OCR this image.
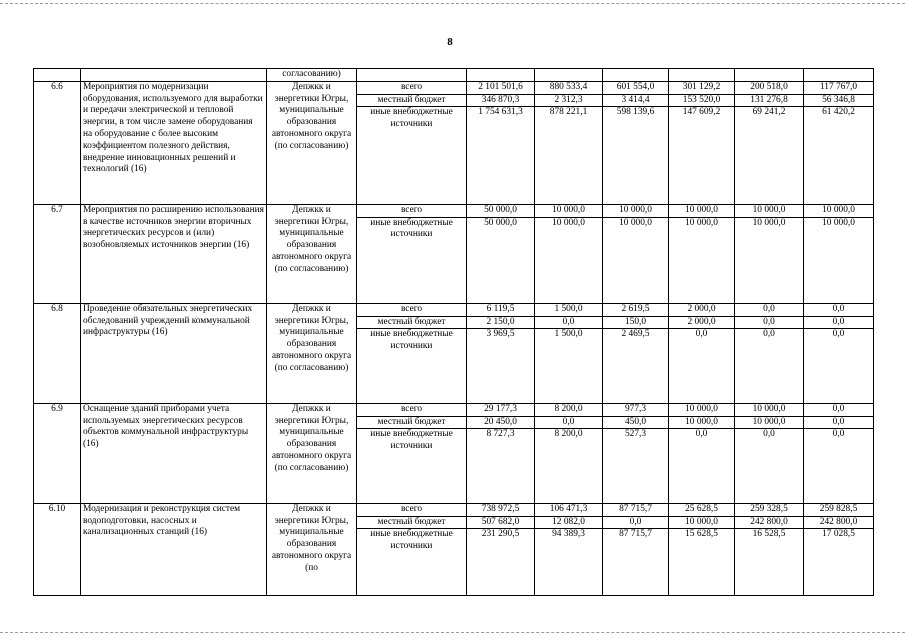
8
		согласованию)							
6.6	Мероприятия по модернизации оборудования, используемого для выработки и передачи электрической и тепловой энергии, в том числе замене оборудования на оборудование с более высоким коэффициентом полезного действия, внедрение инновационных решений и технологий (16)	Депжкк и энергетики Югры, муниципальные образования автономного округа (по согласованию)	всего	2 101 501,6	880 533,4	601 554,0	301 129,2	200 518,0	117 767,0
			местный бюджет	346 870,3	2 312,3	3 414,4	153 520,0	131 276,8	56 346,8
			иные внебюджетные источники	1 754 631,3	878 221,1	598 139,6	147 609,2	69 241,2	61 420,2
6.7	Мероприятия по расширению использования в качестве источников энергии вторичных энергетических ресурсов и (или) возобновляемых источников энергии (16)	Депжкк и энергетики Югры, муниципальные образования автономного округа (по согласованию)	всего	50 000,0	10 000,0	10 000,0	10 000,0	10 000,0	10 000,0
			иные внебюджетные источники	50 000,0	10 000,0	10 000,0	10 000,0	10 000,0	10 000,0
6.8	Проведение обязательных энергетических обследований учреждений коммунальной инфраструктуры (16)	Депжкк и энергетики Югры, муниципальные образования автономного округа (по согласованию)	всего	6 119,5	1 500,0	2 619,5	2 000,0	0,0	0,0
			местный бюджет	2 150,0	0,0	150,0	2 000,0	0,0	0,0
			иные внебюджетные источники	3 969,5	1 500,0	2 469,5	0,0	0,0	0,0
6.9	Оснащение зданий приборами учета используемых энергетических ресурсов объектов коммунальной инфраструктуры (16)	Депжкк и энергетики Югры, муниципальные образования автономного округа (по согласованию)	всего	29 177,3	8 200,0	977,3	10 000,0	10 000,0	0,0
			местный бюджет	20 450,0	0,0	450,0	10 000,0	10 000,0	0,0
			иные внебюджетные источники	8 727,3	8 200,0	527,3	0,0	0,0	0,0
6.10	Модернизация и реконструкция систем водоподготовки, насосных и канализационных станций (16)	Депжкк и энергетики Югры, муниципальные образования автономного округа (по	всего	738 972,5	106 471,3	87 715,7	25 628,5	259 328,5	259 828,5
			местный бюджет	507 682,0	12 082,0	0,0	10 000,0	242 800,0	242 800,0
			иные внебюджетные источники	231 290,5	94 389,3	87 715,7	15 628,5	16 528,5	17 028,5
